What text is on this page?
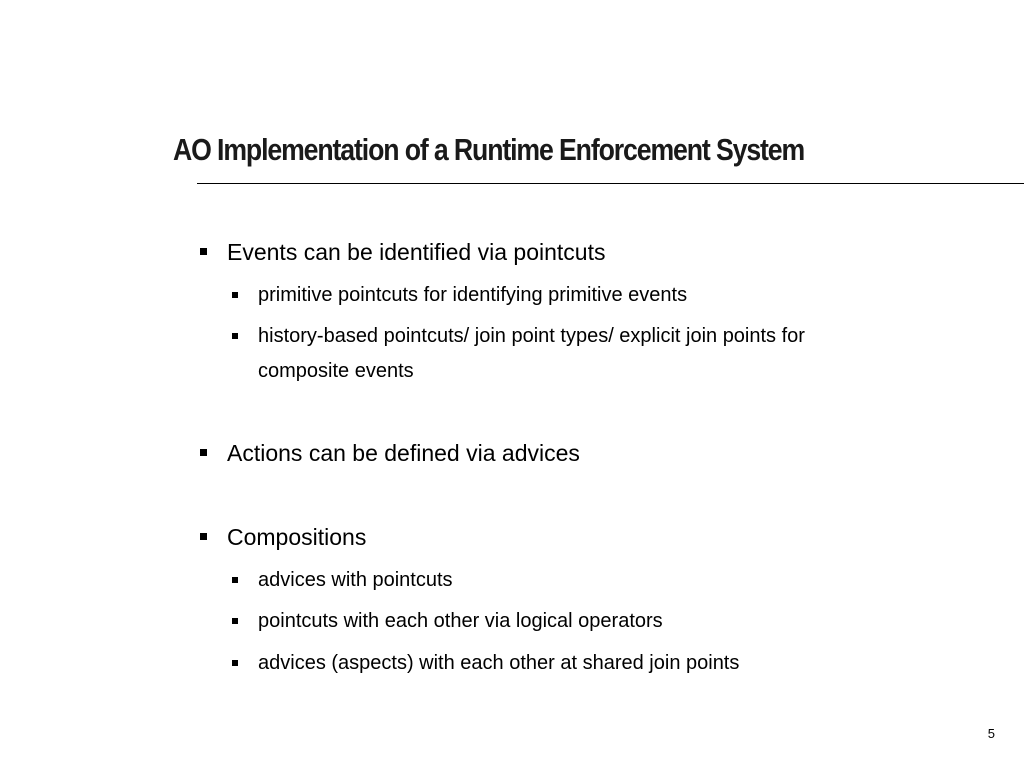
AO Implementation of a Runtime Enforcement System
Events can be identified via pointcuts
primitive pointcuts for identifying primitive events
history-based pointcuts/ join point types/ explicit join points for
composite events
Actions can be defined via advices
Compositions
advices with pointcuts
pointcuts with each other via logical operators
advices (aspects) with each other at shared join points
5
